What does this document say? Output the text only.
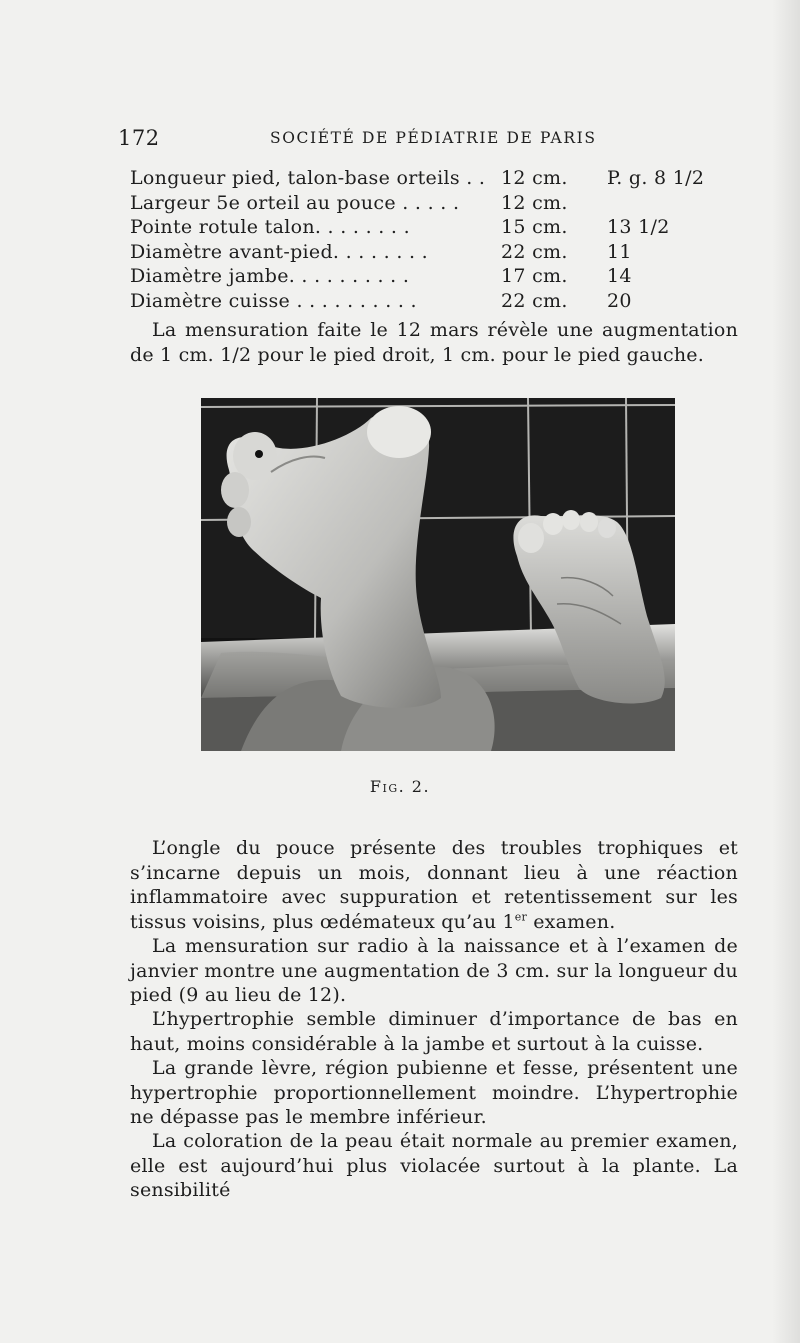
172	SOCIÉTÉ DE PÉDIATRIE DE PARIS
Longueur pied, talon-base orteils . .	12 cm.	P. g. 8 1/2
Largeur 5e orteil au pouce . . . . .	12 cm.	
Pointe rotule talon. . . . . . . .	15 cm.	13 1/2
Diamètre avant-pied. . . . . . . .	22 cm.	11
Diamètre jambe. . . . . . . . . .	17 cm.	14
Diamètre cuisse . . . . . . . . . .	22 cm.	20

La mensuration faite le 12 mars révèle une augmentation de 1 cm. 1/2 pour le pied droit, 1 cm. pour le pied gauche.

Fig. 2.

L’ongle du pouce présente des troubles trophiques et s’incarne depuis un mois, donnant lieu à une réaction inflammatoire avec suppuration et retentissement sur les tissus voisins, plus œdémateux qu’au 1er examen.

La mensuration sur radio à la naissance et à l’examen de janvier montre une augmentation de 3 cm. sur la longueur du pied (9 au lieu de 12).

L’hypertrophie semble diminuer d’importance de bas en haut, moins considérable à la jambe et surtout à la cuisse.

La grande lèvre, région pubienne et fesse, présentent une hypertrophie proportionnellement moindre. L’hypertrophie ne dépasse pas le membre inférieur.

La coloration de la peau était normale au premier examen, elle est aujourd’hui plus violacée surtout à la plante. La sensibilité
